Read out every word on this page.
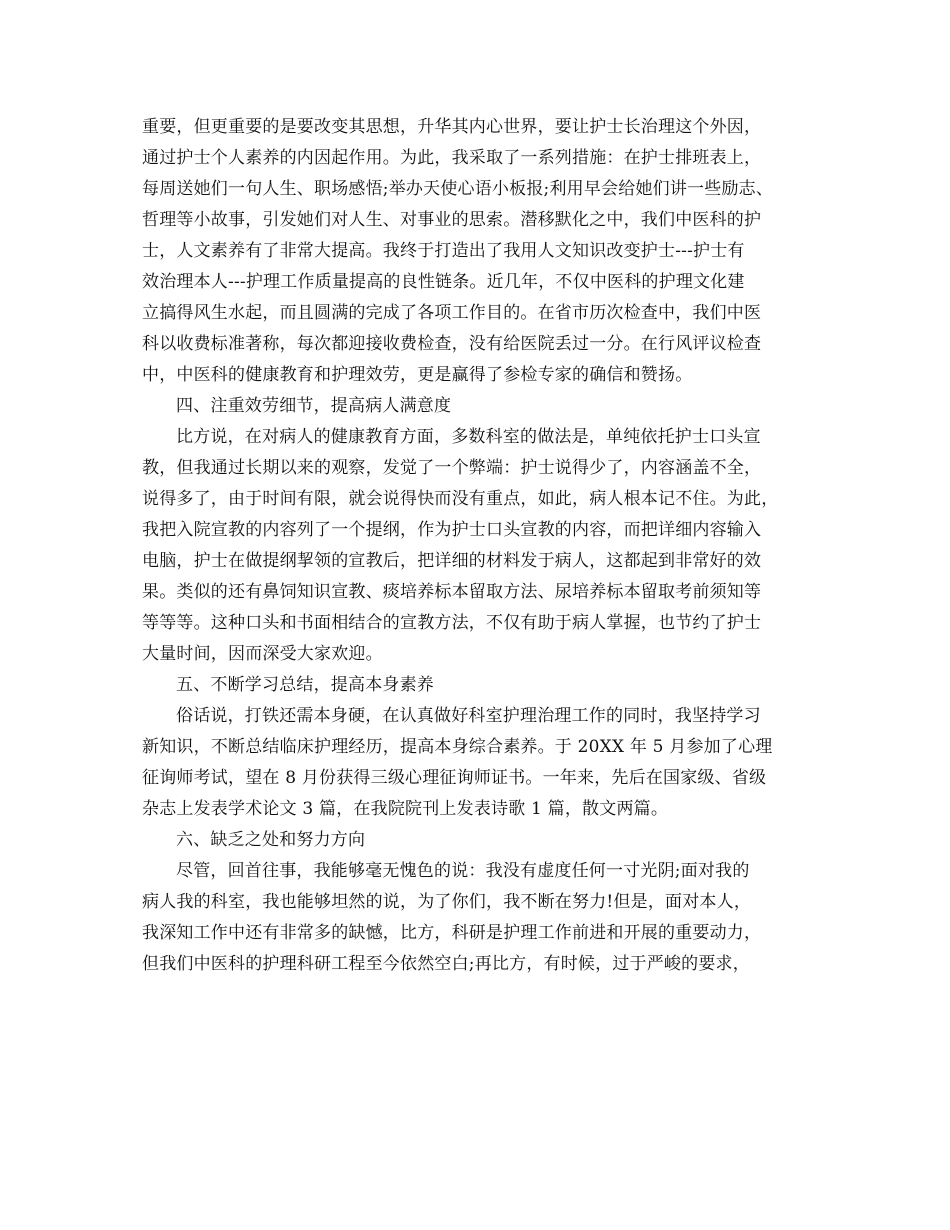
重要，但更重要的是要改变其思想，升华其内心世界，要让护士长治理这个外因，
通过护士个人素养的内因起作用。为此，我采取了一系列措施：在护士排班表上，
每周送她们一句人生、职场感悟;举办天使心语小板报;利用早会给她们讲一些励志、
哲理等小故事，引发她们对人生、对事业的思索。潜移默化之中，我们中医科的护
士，人文素养有了非常大提高。我终于打造出了我用人文知识改变护士---护士有
效治理本人---护理工作质量提高的良性链条。近几年，不仅中医科的护理文化建
立搞得风生水起，而且圆满的完成了各项工作目的。在省市历次检查中，我们中医
科以收费标准著称，每次都迎接收费检查，没有给医院丢过一分。在行风评议检查
中，中医科的健康教育和护理效劳，更是赢得了参检专家的确信和赞扬。

四、注重效劳细节，提高病人满意度

比方说，在对病人的健康教育方面，多数科室的做法是，单纯依托护士口头宣
教，但我通过长期以来的观察，发觉了一个弊端：护士说得少了，内容涵盖不全，
说得多了，由于时间有限，就会说得快而没有重点，如此，病人根本记不住。为此，
我把入院宣教的内容列了一个提纲，作为护士口头宣教的内容，而把详细内容输入
电脑，护士在做提纲挈领的宣教后，把详细的材料发于病人，这都起到非常好的效
果。类似的还有鼻饲知识宣教、痰培养标本留取方法、尿培养标本留取考前须知等
等等等。这种口头和书面相结合的宣教方法，不仅有助于病人掌握，也节约了护士
大量时间，因而深受大家欢迎。

五、不断学习总结，提高本身素养

俗话说，打铁还需本身硬，在认真做好科室护理治理工作的同时，我坚持学习
新知识，不断总结临床护理经历，提高本身综合素养。于 20XX 年 5 月参加了心理
征询师考试，望在 8 月份获得三级心理征询师证书。一年来，先后在国家级、省级
杂志上发表学术论文 3 篇，在我院院刊上发表诗歌 1 篇，散文两篇。

六、缺乏之处和努力方向

尽管，回首往事，我能够毫无愧色的说：我没有虚度任何一寸光阴;面对我的
病人我的科室，我也能够坦然的说，为了你们，我不断在努力!但是，面对本人，
我深知工作中还有非常多的缺憾，比方，科研是护理工作前进和开展的重要动力，
但我们中医科的护理科研工程至今依然空白;再比方，有时候，过于严峻的要求，
